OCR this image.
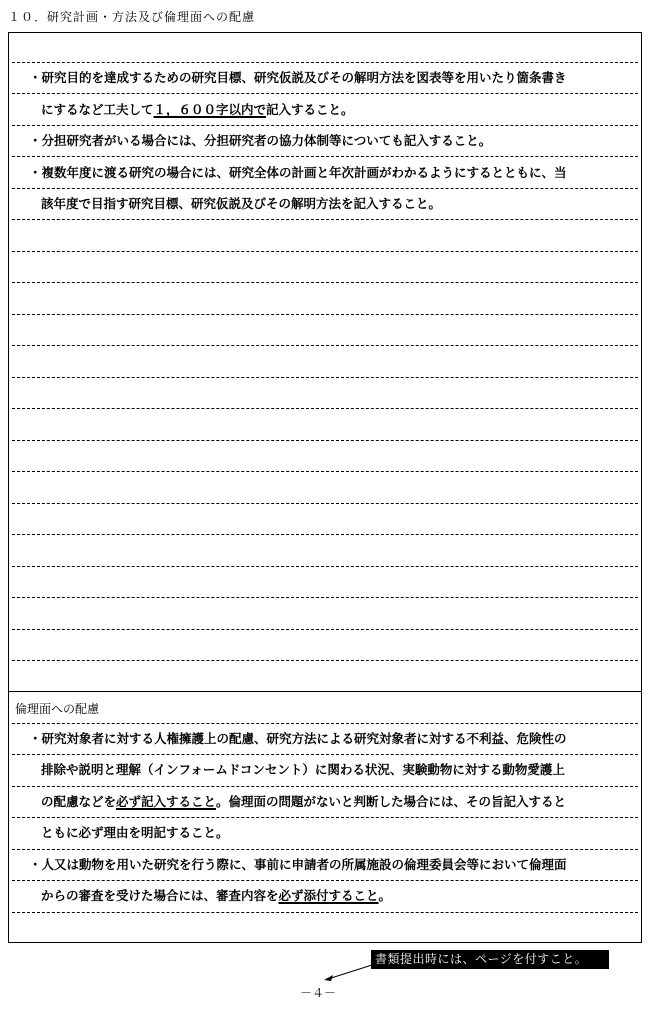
１０．研究計画・方法及び倫理面への配慮
・研究目的を達成するための研究目標、研究仮説及びその解明方法を図表等を用いたり箇条書き
にするなど工夫して１，６００字以内で記入すること。
・分担研究者がいる場合には、分担研究者の協力体制等についても記入すること。
・複数年度に渡る研究の場合には、研究全体の計画と年次計画がわかるようにするとともに、当
該年度で目指す研究目標、研究仮説及びその解明方法を記入すること。
倫理面への配慮
・研究対象者に対する人権擁護上の配慮、研究方法による研究対象者に対する不利益、危険性の
排除や説明と理解（インフォームドコンセント）に関わる状況、実験動物に対する動物愛護上
の配慮などを必ず記入すること。倫理面の問題がないと判断した場合には、その旨記入すると
ともに必ず理由を明記すること。
・人又は動物を用いた研究を行う際に、事前に申請者の所属施設の倫理委員会等において倫理面
からの審査を受けた場合には、審査内容を必ず添付すること。
書類提出時には、ページを付すこと。
－４－
